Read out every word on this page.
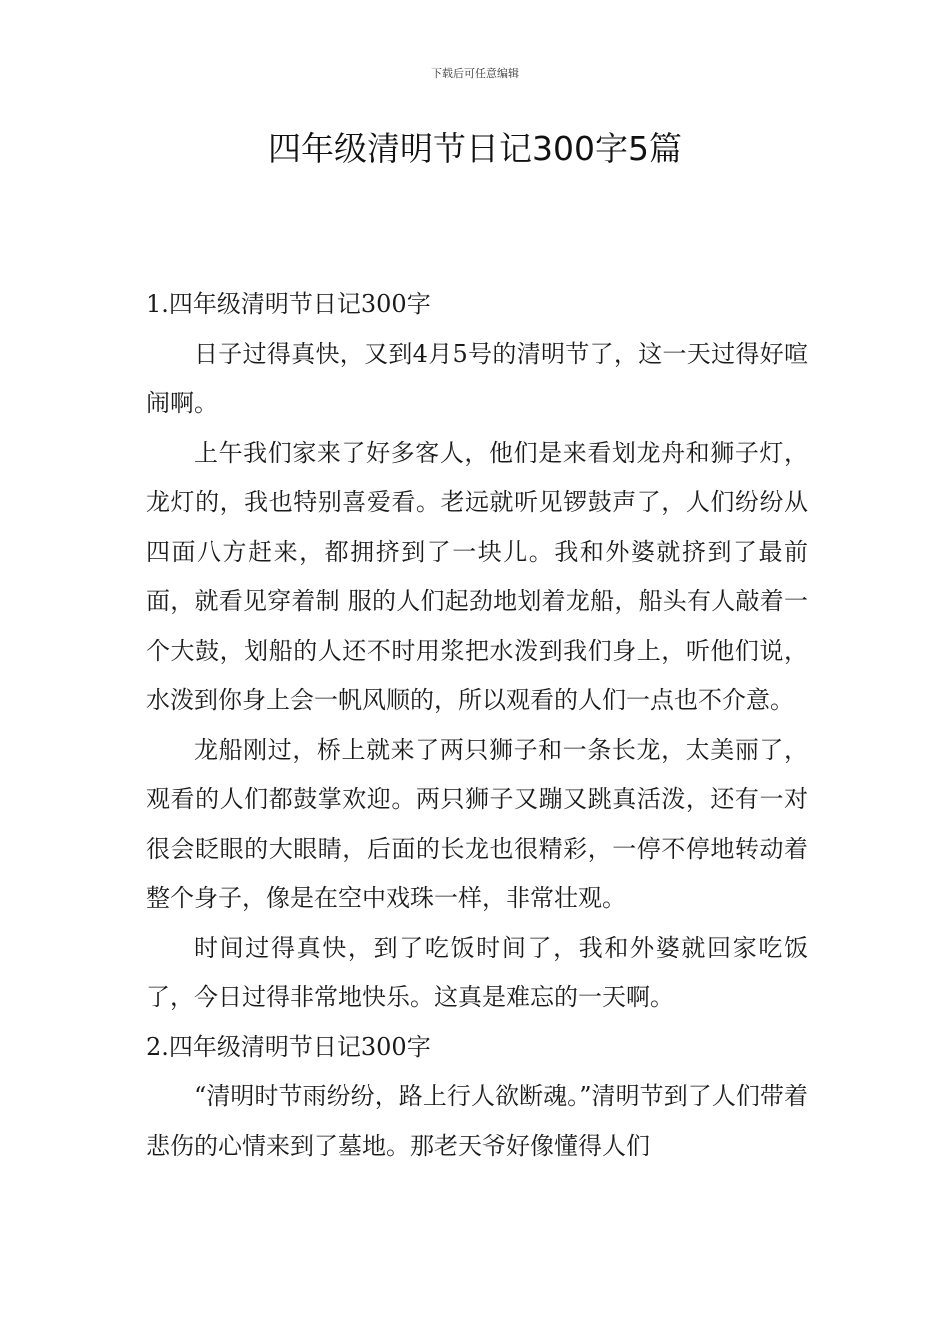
下载后可任意编辑
四年级清明节日记300字5篇

1.四年级清明节日记300字

日子过得真快，又到4月5号的清明节了，这一天过得好喧闹啊。

上午我们家来了好多客人，他们是来看划龙舟和狮子灯，龙灯的，我也特别喜爱看。老远就听见锣鼓声了，人们纷纷从四面八方赶来，都拥挤到了一块儿。我和外婆就挤到了最前面，就看见穿着制 服的人们起劲地划着龙船，船头有人敲着一个大鼓，划船的人还不时用浆把水泼到我们身上，听他们说，水泼到你身上会一帆风顺的，所以观看的人们一点也不介意。

龙船刚过，桥上就来了两只狮子和一条长龙，太美丽了，观看的人们都鼓掌欢迎。两只狮子又蹦又跳真活泼，还有一对很会眨眼的大眼睛，后面的长龙也很精彩，一停不停地转动着整个身子，像是在空中戏珠一样，非常壮观。

时间过得真快，到了吃饭时间了，我和外婆就回家吃饭了，今日过得非常地快乐。这真是难忘的一天啊。

2.四年级清明节日记300字

“清明时节雨纷纷，路上行人欲断魂。”清明节到了人们带着悲伤的心情来到了墓地。那老天爷好像懂得人们
